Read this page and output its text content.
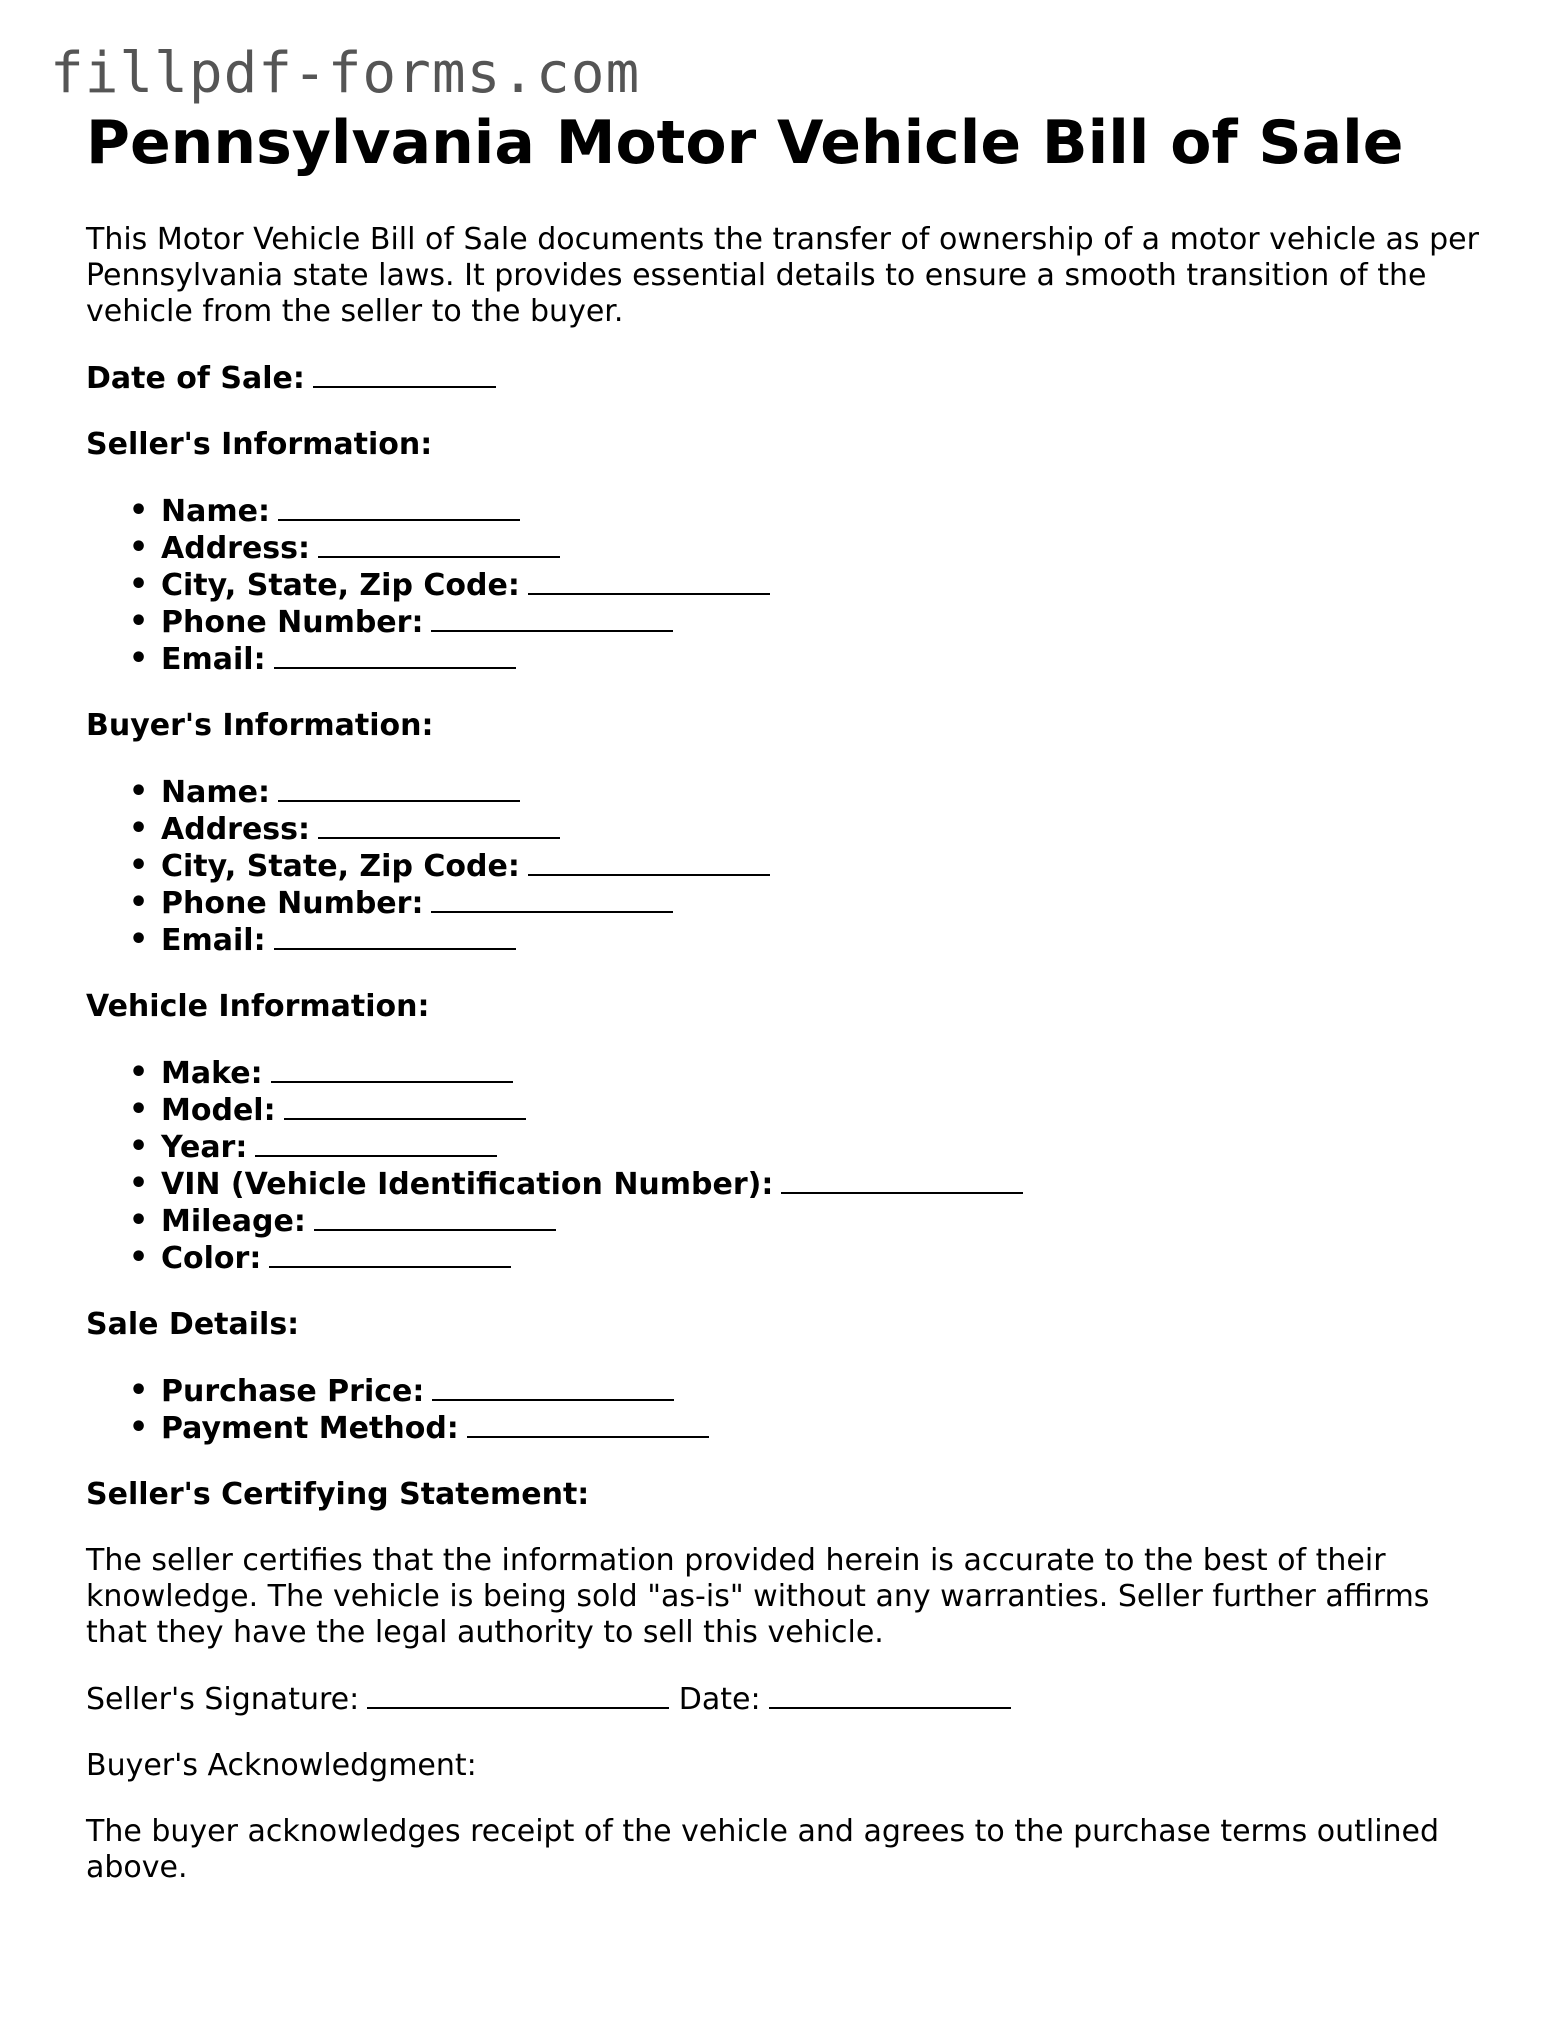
fillpdf-forms.com
Pennsylvania Motor Vehicle Bill of Sale

This Motor Vehicle Bill of Sale documents the transfer of ownership of a motor vehicle as per Pennsylvania state laws. It provides essential details to ensure a smooth transition of the vehicle from the seller to the buyer.

Date of Sale:

Seller's Information:

• Name:
• Address:
• City, State, Zip Code:
• Phone Number:
• Email:

Buyer's Information:

• Name:
• Address:
• City, State, Zip Code:
• Phone Number:
• Email:

Vehicle Information:

• Make:
• Model:
• Year:
• VIN (Vehicle Identification Number):
• Mileage:
• Color:

Sale Details:

• Purchase Price:
• Payment Method:

Seller's Certifying Statement:

The seller certifies that the information provided herein is accurate to the best of their knowledge. The vehicle is being sold "as-is" without any warranties. Seller further affirms that they have the legal authority to sell this vehicle.

Seller's Signature:	Date:

Buyer's Acknowledgment:

The buyer acknowledges receipt of the vehicle and agrees to the purchase terms outlined above.
